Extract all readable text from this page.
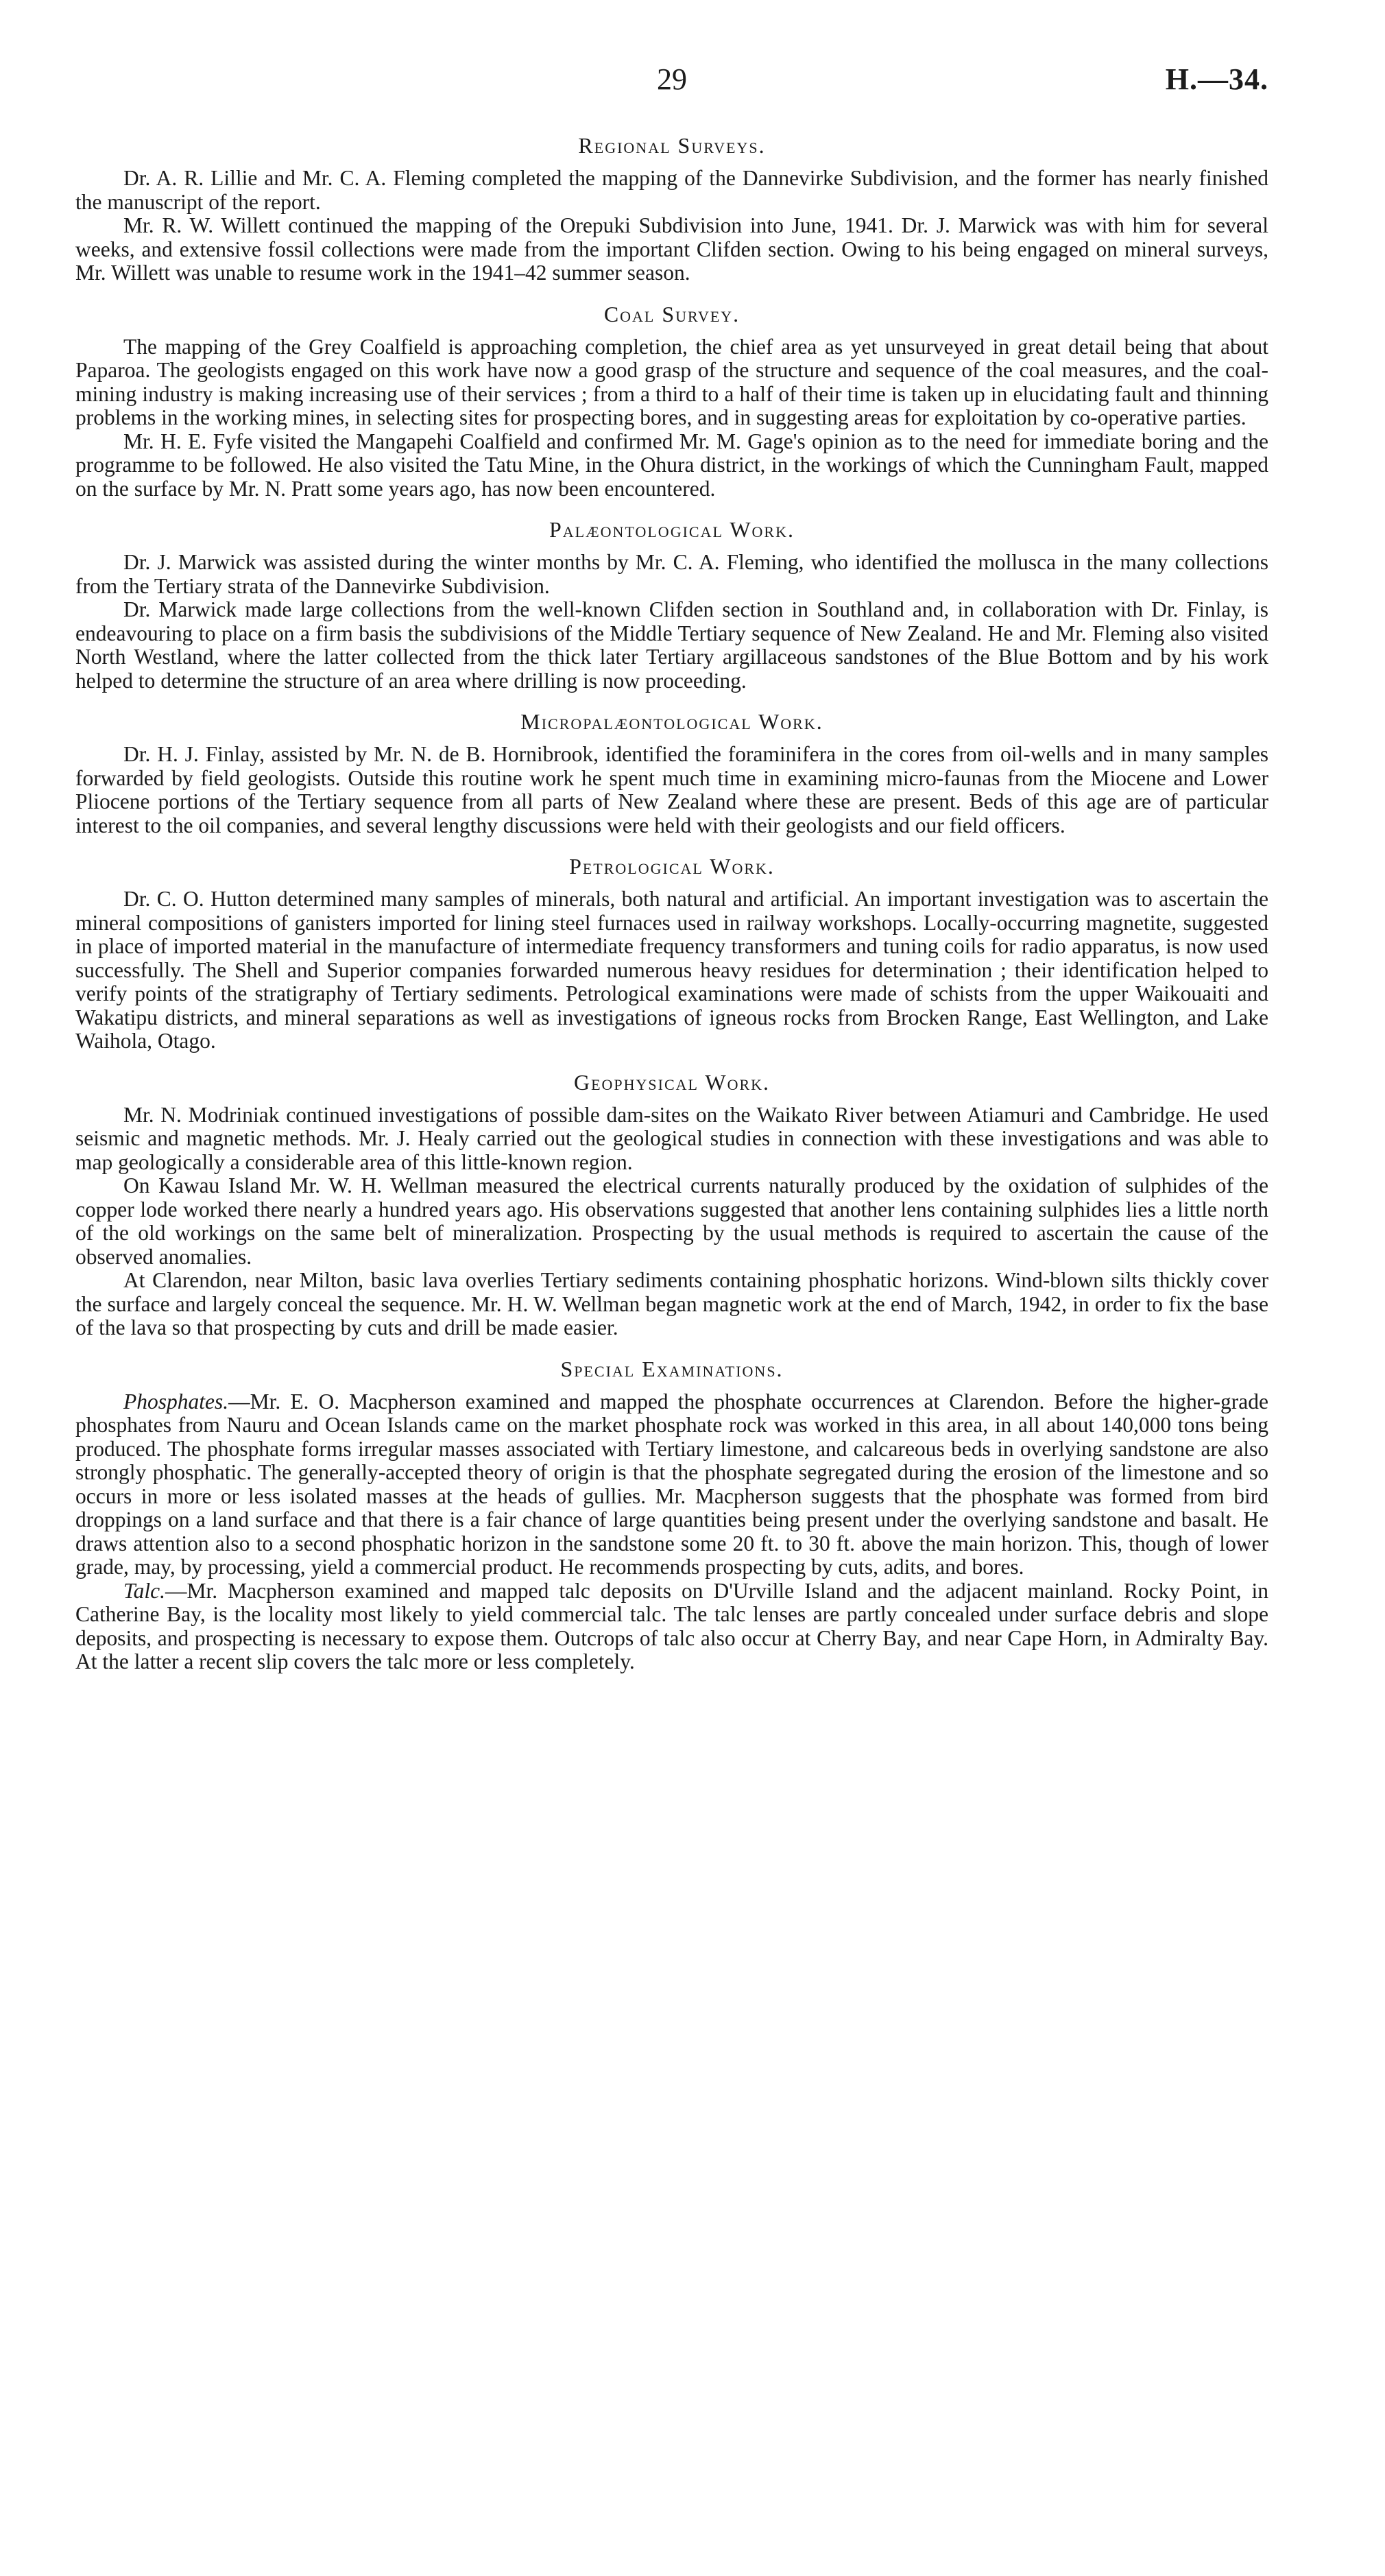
29	H.—34.
Regional Surveys.

Dr. A. R. Lillie and Mr. C. A. Fleming completed the mapping of the Dannevirke Subdivision, and the former has nearly finished the manuscript of the report.

Mr. R. W. Willett continued the mapping of the Orepuki Subdivision into June, 1941. Dr. J. Marwick was with him for several weeks, and extensive fossil collections were made from the important Clifden section. Owing to his being engaged on mineral surveys, Mr. Willett was unable to resume work in the 1941–42 summer season.

Coal Survey.

The mapping of the Grey Coalfield is approaching completion, the chief area as yet unsurveyed in great detail being that about Paparoa. The geologists engaged on this work have now a good grasp of the structure and sequence of the coal measures, and the coal-mining industry is making increasing use of their services ; from a third to a half of their time is taken up in elucidating fault and thinning problems in the working mines, in selecting sites for prospecting bores, and in suggesting areas for exploitation by co-operative parties.

Mr. H. E. Fyfe visited the Mangapehi Coalfield and confirmed Mr. M. Gage's opinion as to the need for immediate boring and the programme to be followed. He also visited the Tatu Mine, in the Ohura district, in the workings of which the Cunningham Fault, mapped on the surface by Mr. N. Pratt some years ago, has now been encountered.

Palæontological Work.

Dr. J. Marwick was assisted during the winter months by Mr. C. A. Fleming, who identified the mollusca in the many collections from the Tertiary strata of the Dannevirke Subdivision.

Dr. Marwick made large collections from the well-known Clifden section in Southland and, in collaboration with Dr. Finlay, is endeavouring to place on a firm basis the subdivisions of the Middle Tertiary sequence of New Zealand. He and Mr. Fleming also visited North Westland, where the latter collected from the thick later Tertiary argillaceous sandstones of the Blue Bottom and by his work helped to determine the structure of an area where drilling is now proceeding.

Micropalæontological Work.

Dr. H. J. Finlay, assisted by Mr. N. de B. Hornibrook, identified the foraminifera in the cores from oil-wells and in many samples forwarded by field geologists. Outside this routine work he spent much time in examining micro-faunas from the Miocene and Lower Pliocene portions of the Tertiary sequence from all parts of New Zealand where these are present. Beds of this age are of particular interest to the oil companies, and several lengthy discussions were held with their geologists and our field officers.

Petrological Work.

Dr. C. O. Hutton determined many samples of minerals, both natural and artificial. An important investigation was to ascertain the mineral compositions of ganisters imported for lining steel furnaces used in railway workshops. Locally-occurring magnetite, suggested in place of imported material in the manufacture of intermediate frequency transformers and tuning coils for radio apparatus, is now used successfully. The Shell and Superior companies forwarded numerous heavy residues for determination ; their identification helped to verify points of the stratigraphy of Tertiary sediments. Petrological examinations were made of schists from the upper Waikouaiti and Wakatipu districts, and mineral separations as well as investigations of igneous rocks from Brocken Range, East Wellington, and Lake Waihola, Otago.

Geophysical Work.

Mr. N. Modriniak continued investigations of possible dam-sites on the Waikato River between Atiamuri and Cambridge. He used seismic and magnetic methods. Mr. J. Healy carried out the geological studies in connection with these investigations and was able to map geologically a considerable area of this little-known region.

On Kawau Island Mr. W. H. Wellman measured the electrical currents naturally produced by the oxidation of sulphides of the copper lode worked there nearly a hundred years ago. His observations suggested that another lens containing sulphides lies a little north of the old workings on the same belt of mineralization. Prospecting by the usual methods is required to ascertain the cause of the observed anomalies.

At Clarendon, near Milton, basic lava overlies Tertiary sediments containing phosphatic horizons. Wind-blown silts thickly cover the surface and largely conceal the sequence. Mr. H. W. Wellman began magnetic work at the end of March, 1942, in order to fix the base of the lava so that prospecting by cuts and drill be made easier.

Special Examinations.

Phosphates.—Mr. E. O. Macpherson examined and mapped the phosphate occurrences at Clarendon. Before the higher-grade phosphates from Nauru and Ocean Islands came on the market phosphate rock was worked in this area, in all about 140,000 tons being produced. The phosphate forms irregular masses associated with Tertiary limestone, and calcareous beds in overlying sandstone are also strongly phosphatic. The generally-accepted theory of origin is that the phosphate segregated during the erosion of the limestone and so occurs in more or less isolated masses at the heads of gullies. Mr. Macpherson suggests that the phosphate was formed from bird droppings on a land surface and that there is a fair chance of large quantities being present under the overlying sandstone and basalt. He draws attention also to a second phosphatic horizon in the sandstone some 20 ft. to 30 ft. above the main horizon. This, though of lower grade, may, by processing, yield a commercial product. He recommends prospecting by cuts, adits, and bores.

Talc.—Mr. Macpherson examined and mapped talc deposits on D'Urville Island and the adjacent mainland. Rocky Point, in Catherine Bay, is the locality most likely to yield commercial talc. The talc lenses are partly concealed under surface debris and slope deposits, and prospecting is necessary to expose them. Outcrops of talc also occur at Cherry Bay, and near Cape Horn, in Admiralty Bay. At the latter a recent slip covers the talc more or less completely.
